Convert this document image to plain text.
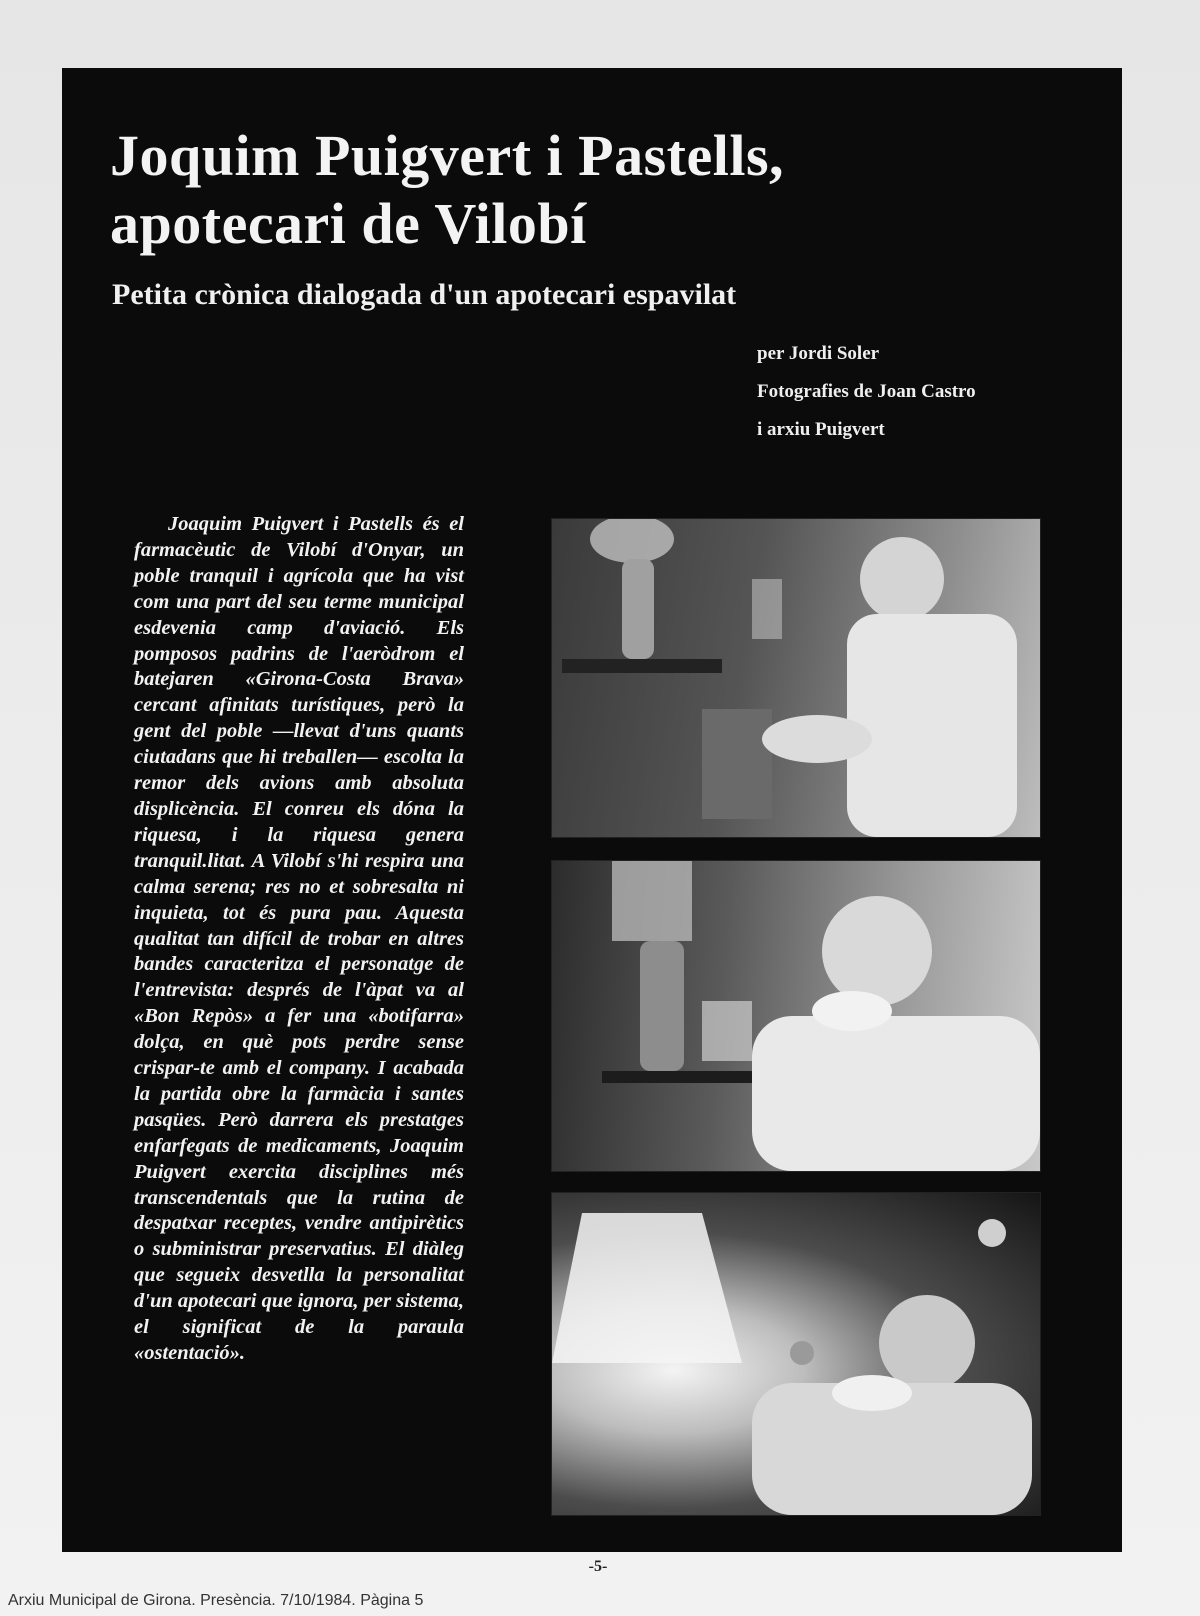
Joquim Puigvert i Pastells,
apotecari de Vilobí
Petita crònica dialogada d'un apotecari espavilat
per Jordi Soler
Fotografies de Joan Castro
i arxiu Puigvert

Joaquim Puigvert i Pastells és el farmacèutic de Vilobí d'Onyar, un poble tranquil i agrícola que ha vist com una part del seu terme municipal esdevenia camp d'aviació. Els pomposos padrins de l'aeròdrom el batejaren «Girona-Costa Brava» cercant afinitats turístiques, però la gent del poble —llevat d'uns quants ciutadans que hi treballen— escolta la remor dels avions amb absoluta displicència. El conreu els dóna la riquesa, i la riquesa genera tranquil.litat. A Vilobí s'hi respira una calma serena; res no et sobresalta ni inquieta, tot és pura pau. Aquesta qualitat tan difícil de trobar en altres bandes caracteritza el personatge de l'entrevista: després de l'àpat va al «Bon Repòs» a fer una «botifarra» dolça, en què pots perdre sense crispar-te amb el company. I acabada la partida obre la farmàcia i santes pasqües. Però darrera els prestatges enfarfegats de medicaments, Joaquim Puigvert exercita disciplines més transcendentals que la rutina de despatxar receptes, vendre antipirètics o subministrar preservatius. El diàleg que segueix desvetlla la personalitat d'un apotecari que ignora, per sistema, el significat de la paraula «ostentació».

-5-
Arxiu Municipal de Girona. Presència. 7/10/1984. Pàgina 5
